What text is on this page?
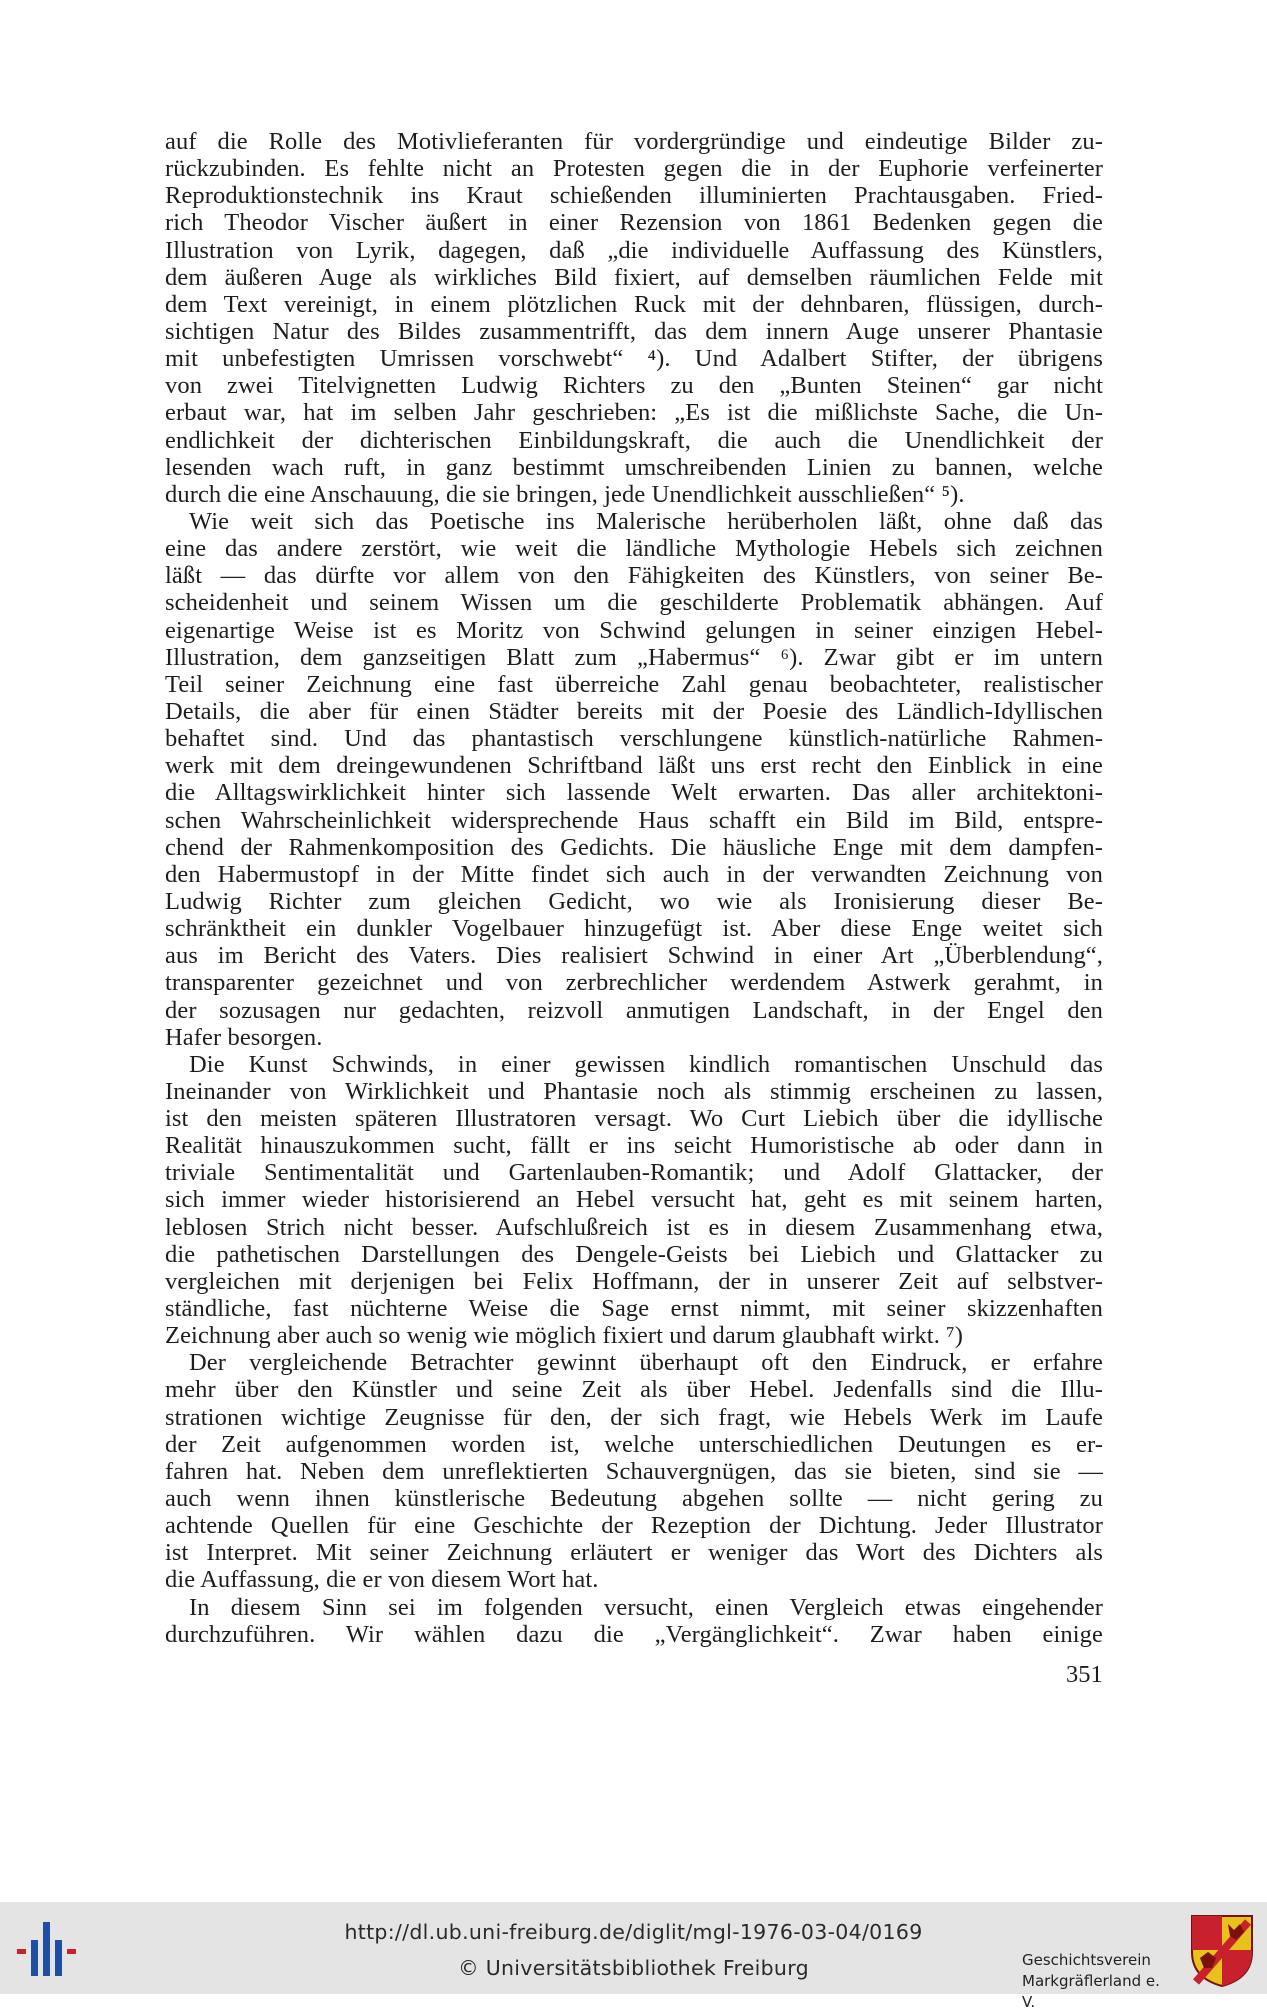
auf die Rolle des Motivlieferanten für vordergründige und eindeutige Bilder zu-
rückzubinden. Es fehlte nicht an Protesten gegen die in der Euphorie verfeinerter
Reproduktionstechnik ins Kraut schießenden illuminierten Prachtausgaben. Fried-
rich Theodor Vischer äußert in einer Rezension von 1861 Bedenken gegen die
Illustration von Lyrik, dagegen, daß „die individuelle Auffassung des Künstlers,
dem äußeren Auge als wirkliches Bild fixiert, auf demselben räumlichen Felde mit
dem Text vereinigt, in einem plötzlichen Ruck mit der dehnbaren, flüssigen, durch-
sichtigen Natur des Bildes zusammentrifft, das dem innern Auge unserer Phantasie
mit unbefestigten Umrissen vorschwebt“ ⁴). Und Adalbert Stifter, der übrigens
von zwei Titelvignetten Ludwig Richters zu den „Bunten Steinen“ gar nicht
erbaut war, hat im selben Jahr geschrieben: „Es ist die mißlichste Sache, die Un-
endlichkeit der dichterischen Einbildungskraft, die auch die Unendlichkeit der
lesenden wach ruft, in ganz bestimmt umschreibenden Linien zu bannen, welche
durch die eine Anschauung, die sie bringen, jede Unendlichkeit ausschließen“ ⁵).
Wie weit sich das Poetische ins Malerische herüberholen läßt, ohne daß das
eine das andere zerstört, wie weit die ländliche Mythologie Hebels sich zeichnen
läßt — das dürfte vor allem von den Fähigkeiten des Künstlers, von seiner Be-
scheidenheit und seinem Wissen um die geschilderte Problematik abhängen. Auf
eigenartige Weise ist es Moritz von Schwind gelungen in seiner einzigen Hebel-
Illustration, dem ganzseitigen Blatt zum „Habermus“ ⁶). Zwar gibt er im untern
Teil seiner Zeichnung eine fast überreiche Zahl genau beobachteter, realistischer
Details, die aber für einen Städter bereits mit der Poesie des Ländlich-Idyllischen
behaftet sind. Und das phantastisch verschlungene künstlich-natürliche Rahmen-
werk mit dem dreingewundenen Schriftband läßt uns erst recht den Einblick in eine
die Alltagswirklichkeit hinter sich lassende Welt erwarten. Das aller architektoni-
schen Wahrscheinlichkeit widersprechende Haus schafft ein Bild im Bild, entspre-
chend der Rahmenkomposition des Gedichts. Die häusliche Enge mit dem dampfen-
den Habermustopf in der Mitte findet sich auch in der verwandten Zeichnung von
Ludwig Richter zum gleichen Gedicht, wo wie als Ironisierung dieser Be-
schränktheit ein dunkler Vogelbauer hinzugefügt ist. Aber diese Enge weitet sich
aus im Bericht des Vaters. Dies realisiert Schwind in einer Art „Überblendung“,
transparenter gezeichnet und von zerbrechlicher werdendem Astwerk gerahmt, in
der sozusagen nur gedachten, reizvoll anmutigen Landschaft, in der Engel den
Hafer besorgen.
Die Kunst Schwinds, in einer gewissen kindlich romantischen Unschuld das
Ineinander von Wirklichkeit und Phantasie noch als stimmig erscheinen zu lassen,
ist den meisten späteren Illustratoren versagt. Wo Curt Liebich über die idyllische
Realität hinauszukommen sucht, fällt er ins seicht Humoristische ab oder dann in
triviale Sentimentalität und Gartenlauben-Romantik; und Adolf Glattacker, der
sich immer wieder historisierend an Hebel versucht hat, geht es mit seinem harten,
leblosen Strich nicht besser. Aufschlußreich ist es in diesem Zusammenhang etwa,
die pathetischen Darstellungen des Dengele-Geists bei Liebich und Glattacker zu
vergleichen mit derjenigen bei Felix Hoffmann, der in unserer Zeit auf selbstver-
ständliche, fast nüchterne Weise die Sage ernst nimmt, mit seiner skizzenhaften
Zeichnung aber auch so wenig wie möglich fixiert und darum glaubhaft wirkt. ⁷)
Der vergleichende Betrachter gewinnt überhaupt oft den Eindruck, er erfahre
mehr über den Künstler und seine Zeit als über Hebel. Jedenfalls sind die Illu-
strationen wichtige Zeugnisse für den, der sich fragt, wie Hebels Werk im Laufe
der Zeit aufgenommen worden ist, welche unterschiedlichen Deutungen es er-
fahren hat. Neben dem unreflektierten Schauvergnügen, das sie bieten, sind sie —
auch wenn ihnen künstlerische Bedeutung abgehen sollte — nicht gering zu
achtende Quellen für eine Geschichte der Rezeption der Dichtung. Jeder Illustrator
ist Interpret. Mit seiner Zeichnung erläutert er weniger das Wort des Dichters als
die Auffassung, die er von diesem Wort hat.
In diesem Sinn sei im folgenden versucht, einen Vergleich etwas eingehender
durchzuführen. Wir wählen dazu die „Vergänglichkeit“. Zwar haben einige
351
http://dl.ub.uni-freiburg.de/diglit/mgl-1976-03-04/0169
© Universitätsbibliothek Freiburg	Geschichtsverein
Markgräflerland e. V.
